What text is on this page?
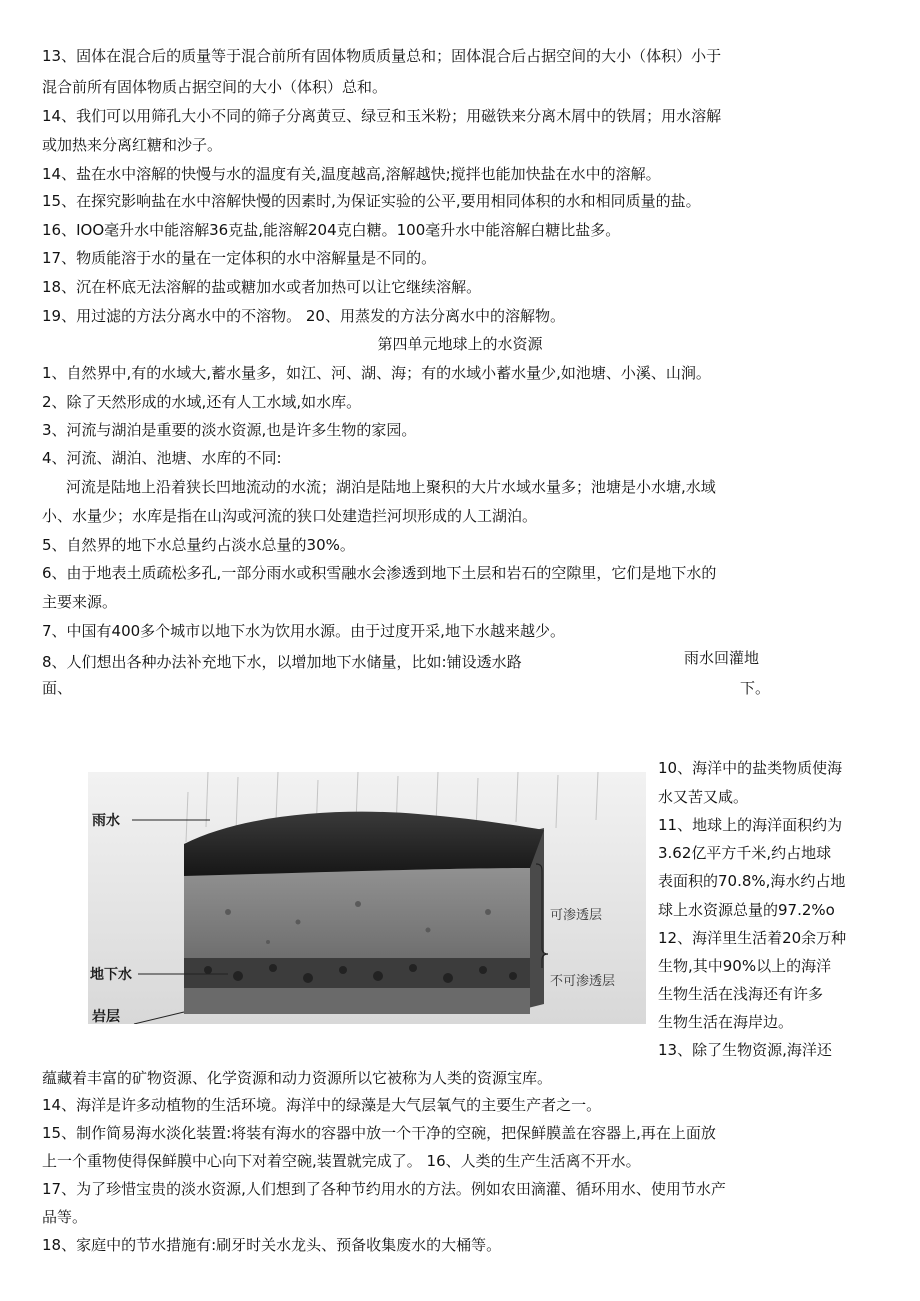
13、固体在混合后的质量等于混合前所有固体物质质量总和；固体混合后占据空间的大小（体积）小于
混合前所有固体物质占据空间的大小（体积）总和。
14、我们可以用筛孔大小不同的筛子分离黄豆、绿豆和玉米粉；用磁铁来分离木屑中的铁屑；用水溶解
或加热来分离红糖和沙子。
14、盐在水中溶解的快慢与水的温度有关,温度越高,溶解越快;搅拌也能加快盐在水中的溶解。
15、在探究影响盐在水中溶解快慢的因素时,为保证实验的公平,要用相同体积的水和相同质量的盐。
16、IOO毫升水中能溶解36克盐,能溶解204克白糖。100毫升水中能溶解白糖比盐多。
17、物质能溶于水的量在一定体积的水中溶解量是不同的。
18、沉在杯底无法溶解的盐或糖加水或者加热可以让它继续溶解。
19、用过滤的方法分离水中的不溶物。 20、用蒸发的方法分离水中的溶解物。
第四单元地球上的水资源
1、自然界中,有的水域大,蓄水量多，如江、河、湖、海；有的水域小蓄水量少,如池塘、小溪、山涧。
2、除了天然形成的水域,还有人工水域,如水库。
3、河流与湖泊是重要的淡水资源,也是许多生物的家园。
4、河流、湖泊、池塘、水库的不同:
河流是陆地上沿着狭长凹地流动的水流；湖泊是陆地上聚积的大片水域水量多；池塘是小水塘,水域
小、水量少；水库是指在山沟或河流的狭口处建造拦河坝形成的人工湖泊。
5、自然界的地下水总量约占淡水总量的30%。
6、由于地表土质疏松多孔,一部分雨水或积雪融水会渗透到地下土层和岩石的空隙里，它们是地下水的
主要来源。
7、中国有400多个城市以地下水为饮用水源。由于过度开采,地下水越来越少。
8、人们想出各种办法补充地下水，以增加地下水储量，比如:铺设透水路
面、
雨水回灌地
下。
雨水
地下水
岩层
可渗透层
不可渗透层
10、海洋中的盐类物质使海
水又苦又咸。
11、地球上的海洋面积约为
3.62亿平方千米,约占地球
表面积的70.8%,海水约占地
球上水资源总量的97.2%o
12、海洋里生活着20余万种
生物,其中90%以上的海洋
生物生活在浅海还有许多
生物生活在海岸边。
13、除了生物资源,海洋还
蕴藏着丰富的矿物资源、化学资源和动力资源所以它被称为人类的资源宝库。
14、海洋是许多动植物的生活环境。海洋中的绿藻是大气层氧气的主要生产者之一。
15、制作简易海水淡化装置:将装有海水的容器中放一个干净的空碗，把保鲜膜盖在容器上,再在上面放
上一个重物使得保鲜膜中心向下对着空碗,装置就完成了。 16、人类的生产生活离不开水。
17、为了珍惜宝贵的淡水资源,人们想到了各种节约用水的方法。例如农田滴灌、循环用水、使用节水产
品等。
18、家庭中的节水措施有:刷牙时关水龙头、预备收集废水的大桶等。
